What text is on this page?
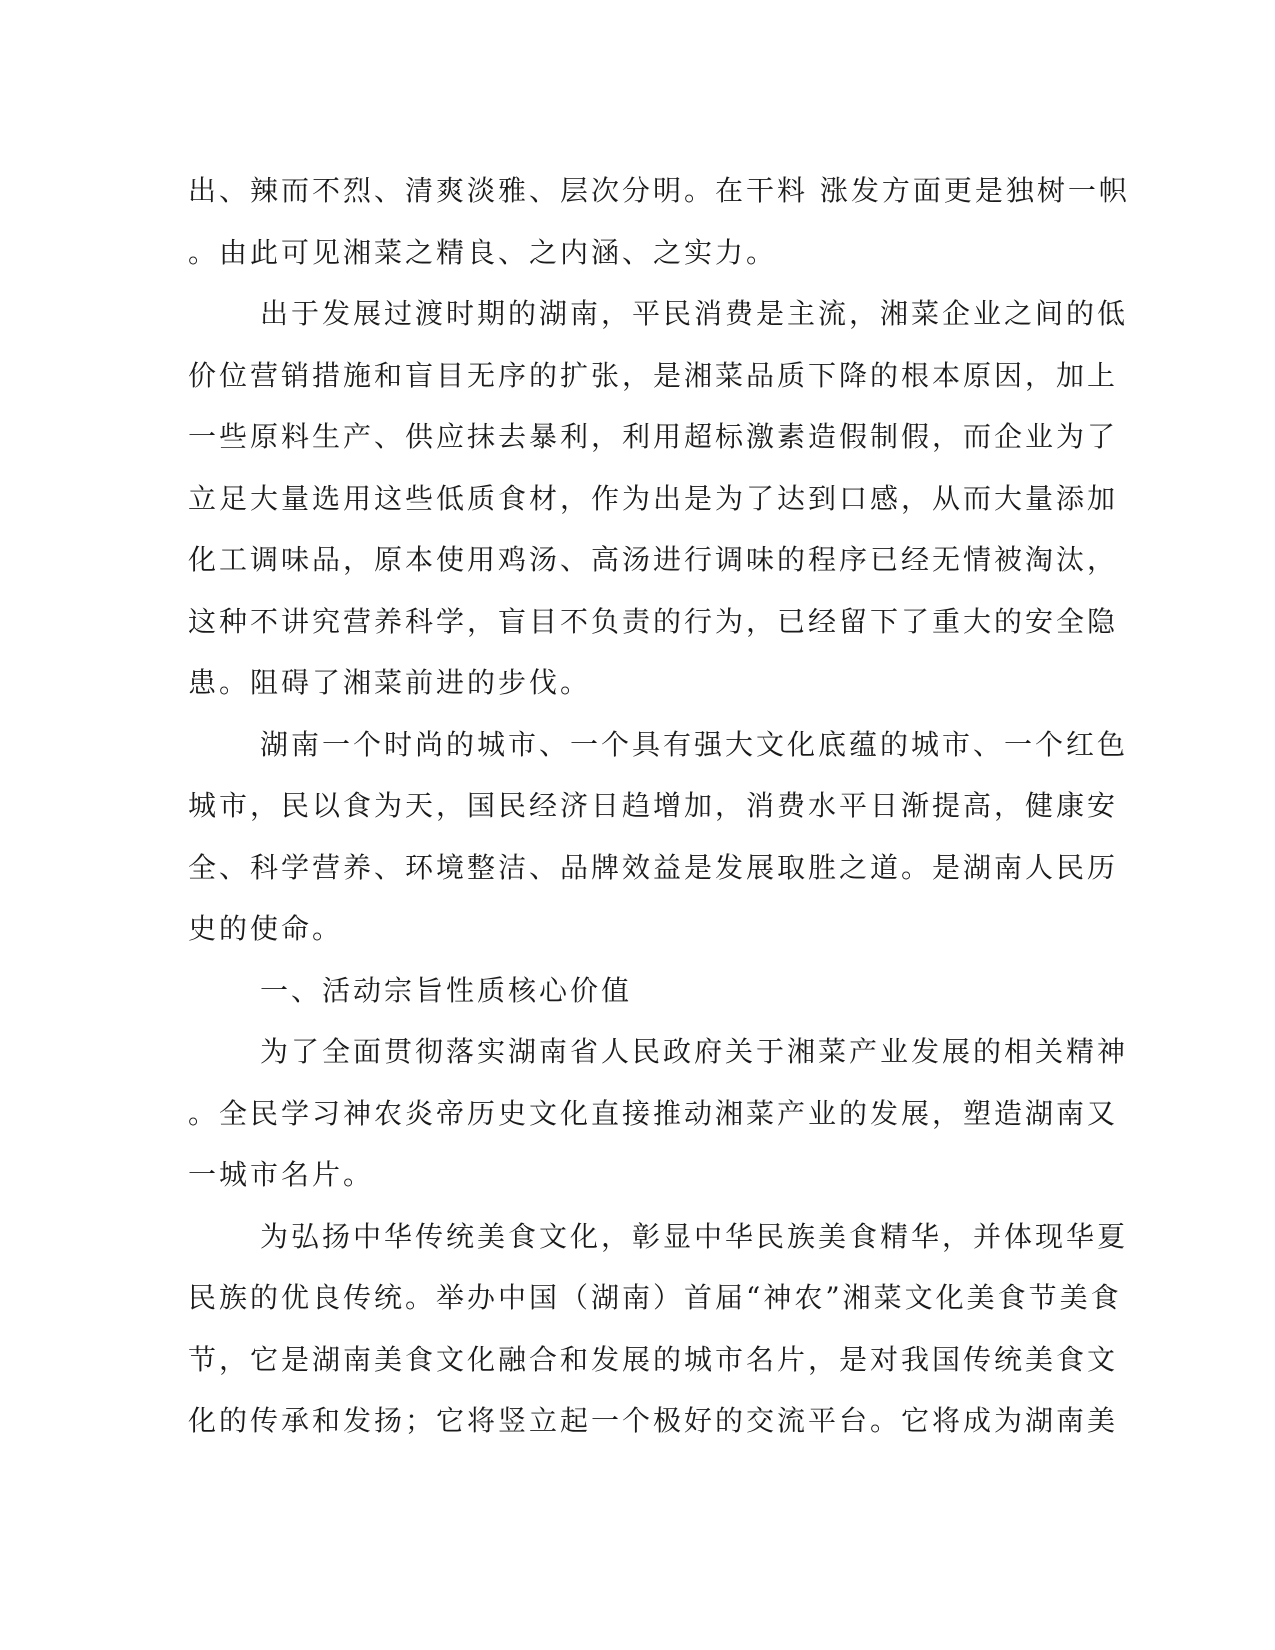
出、辣而不烈、清爽淡雅、层次分明。在干料 涨发方面更是独树一帜
。由此可见湘菜之精良、之内涵、之实力。
出于发展过渡时期的湖南，平民消费是主流，湘菜企业之间的低
价位营销措施和盲目无序的扩张，是湘菜品质下降的根本原因，加上
一些原料生产、供应抹去暴利，利用超标激素造假制假，而企业为了
立足大量选用这些低质食材，作为出是为了达到口感，从而大量添加
化工调味品，原本使用鸡汤、高汤进行调味的程序已经无情被淘汰，
这种不讲究营养科学，盲目不负责的行为，已经留下了重大的安全隐
患。阻碍了湘菜前进的步伐。
湖南一个时尚的城市、一个具有强大文化底蕴的城市、一个红色
城市，民以食为天，国民经济日趋增加，消费水平日渐提高，健康安
全、科学营养、环境整洁、品牌效益是发展取胜之道。是湖南人民历
史的使命。
一、活动宗旨性质核心价值
为了全面贯彻落实湖南省人民政府关于湘菜产业发展的相关精神
。全民学习神农炎帝历史文化直接推动湘菜产业的发展，塑造湖南又
一城市名片。
为弘扬中华传统美食文化，彰显中华民族美食精华，并体现华夏
民族的优良传统。举办中国（湖南）首届“神农”湘菜文化美食节美食
节，它是湖南美食文化融合和发展的城市名片，是对我国传统美食文
化的传承和发扬；它将竖立起一个极好的交流平台。它将成为湖南美
